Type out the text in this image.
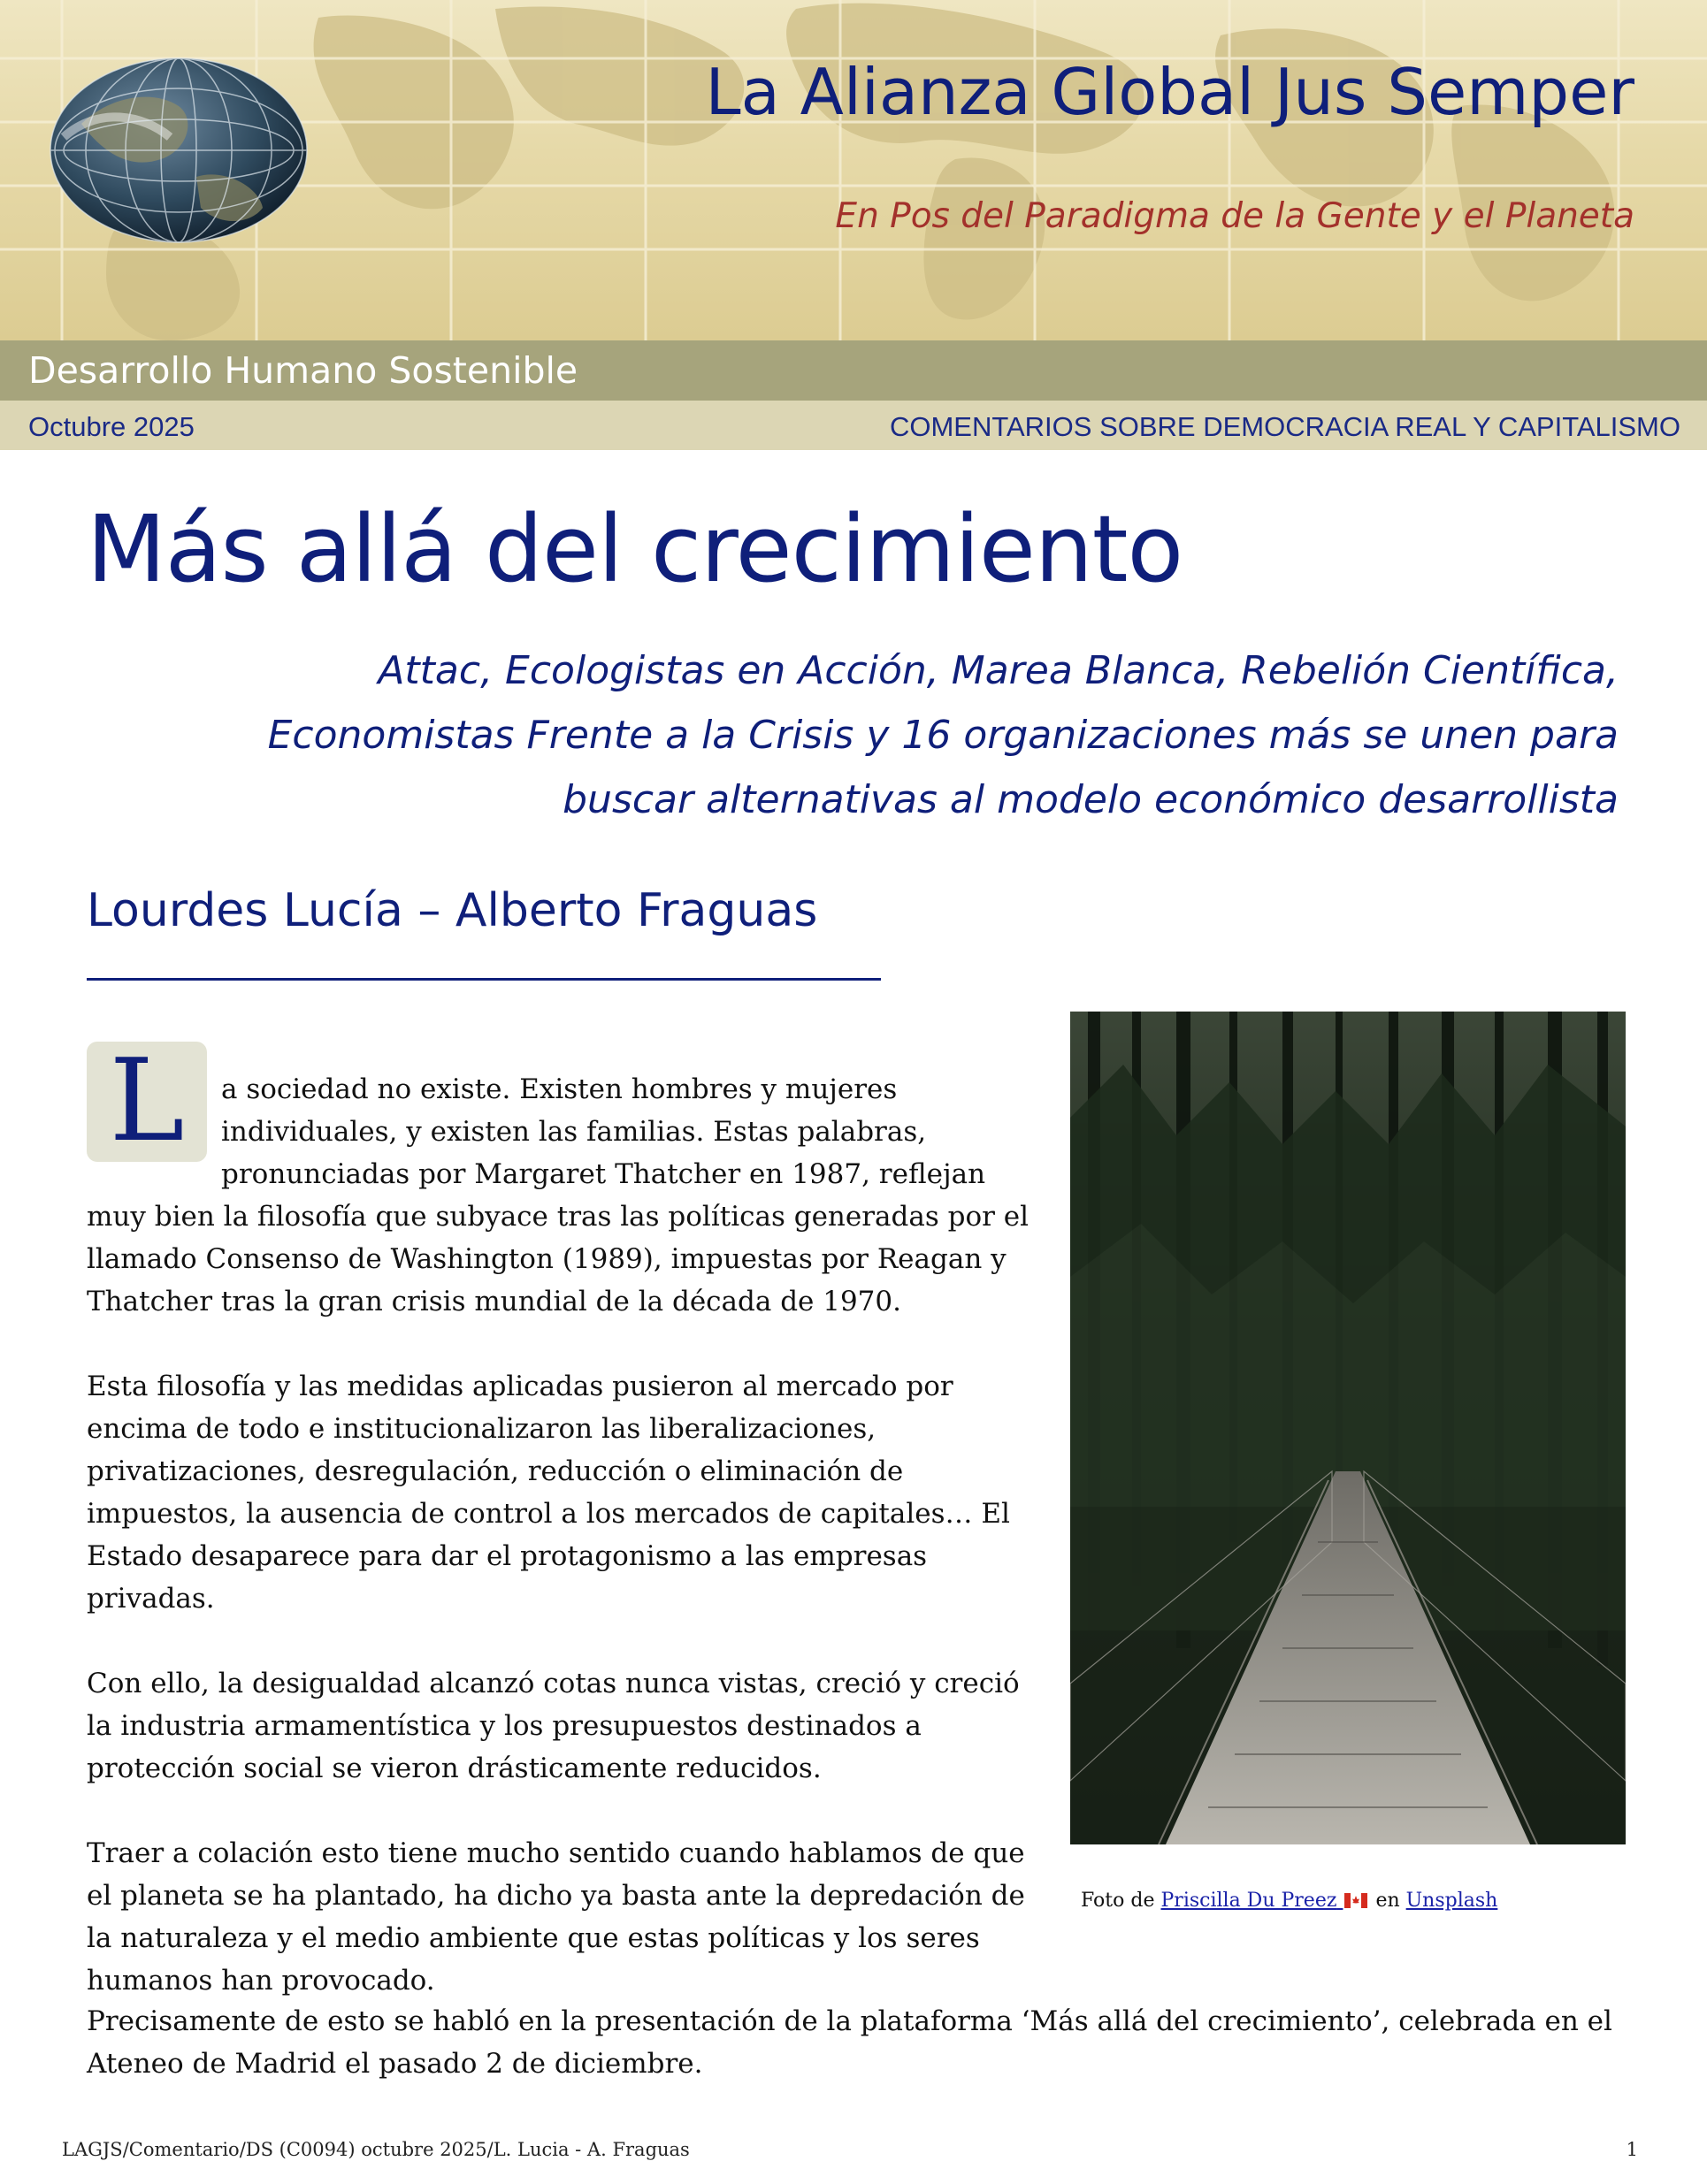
La Alianza Global Jus Semper
En Pos del Paradigma de la Gente y el Planeta
Desarrollo Humano Sostenible
Octubre 2025	COMENTARIOS SOBRE DEMOCRACIA REAL Y CAPITALISMO
Más allá del crecimiento
Attac, Ecologistas en Acción, Marea Blanca, Rebelión Científica, Economistas Frente a la Crisis y 16 organizaciones más se unen para buscar alternativas al modelo económico desarrollista
Lourdes Lucía – Alberto Fraguas

L	a sociedad no existe. Existen hombres y mujeres individuales, y existen las familias. Estas palabras, pronunciadas por Margaret Thatcher en 1987, reflejan muy bien la filosofía que subyace tras las políticas generadas por el llamado Consenso de Washington (1989), impuestas por Reagan y Thatcher tras la gran crisis mundial de la década de 1970.

Esta filosofía y las medidas aplicadas pusieron al mercado por encima de todo e institucionalizaron las liberalizaciones, privatizaciones, desregulación, reducción o eliminación de impuestos, la ausencia de control a los mercados de capitales… El Estado desaparece para dar el protagonismo a las empresas privadas.

Con ello, la desigualdad alcanzó cotas nunca vistas, creció y creció la industria armamentística y los presupuestos destinados a protección social se vieron drásticamente reducidos.

Traer a colación esto tiene mucho sentido cuando hablamos de que el planeta se ha plantado, ha dicho ya basta ante la depredación de la naturaleza y el medio ambiente que estas políticas y los seres humanos han provocado.

Precisamente de esto se habló en la presentación de la plataforma ‘Más allá del crecimiento’, celebrada en el Ateneo de Madrid el pasado 2 de diciembre.

Foto de Priscilla Du Preez en Unsplash
LAGJS/Comentario/DS (C0094) octubre 2025/L. Lucia - A. Fraguas	1
